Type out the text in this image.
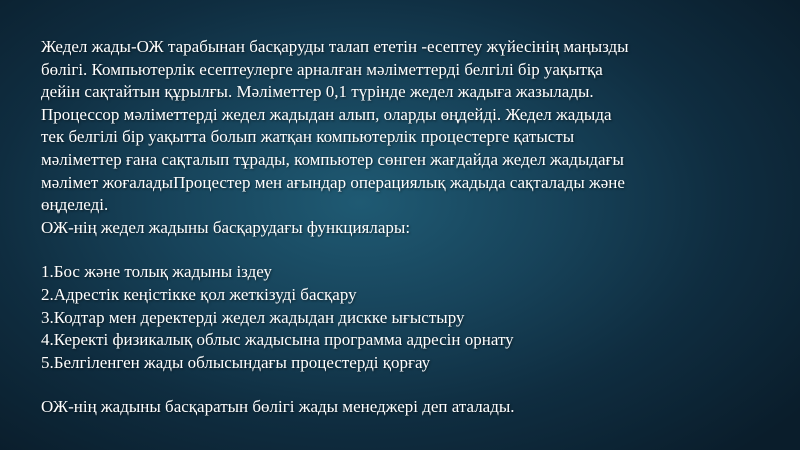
Жедел жады-ОЖ тарабынан басқаруды талап ететін -есептеу жүйесінің маңызды

бөлігі. Компьютерлік есептеулерге арналған мәліметтерді белгілі бір уақытқа

дейін сақтайтын құрылғы. Мәліметтер 0,1 түрінде жедел жадыға жазылады.

Процессор мәліметтерді жедел жадыдан алып, оларды өңдейді. Жедел жадыда

тек белгілі бір уақытта болып жатқан компьютерлік процестерге қатысты

мәліметтер ғана сақталып тұрады, компьютер сөнген жағдайда жедел жадыдағы

мәлімет жоғаладыПроцестер мен ағындар операциялық жадыда сақталады және

өңделеді.

ОЖ-нің жедел жадыны басқарудағы функциялары:

1.Бос және толық жадыны іздеу
2.Адрестік кеңістікке қол жеткізуді басқару
3.Кодтар мен деректерді жедел жадыдан дискке ығыстыру
4.Керекті физикалық облыс жадысына программа адресін орнату
5.Белгіленген жады облысындағы процестерді қорғау

ОЖ-нің жадыны басқаратын бөлігі жады менеджері деп аталады.
